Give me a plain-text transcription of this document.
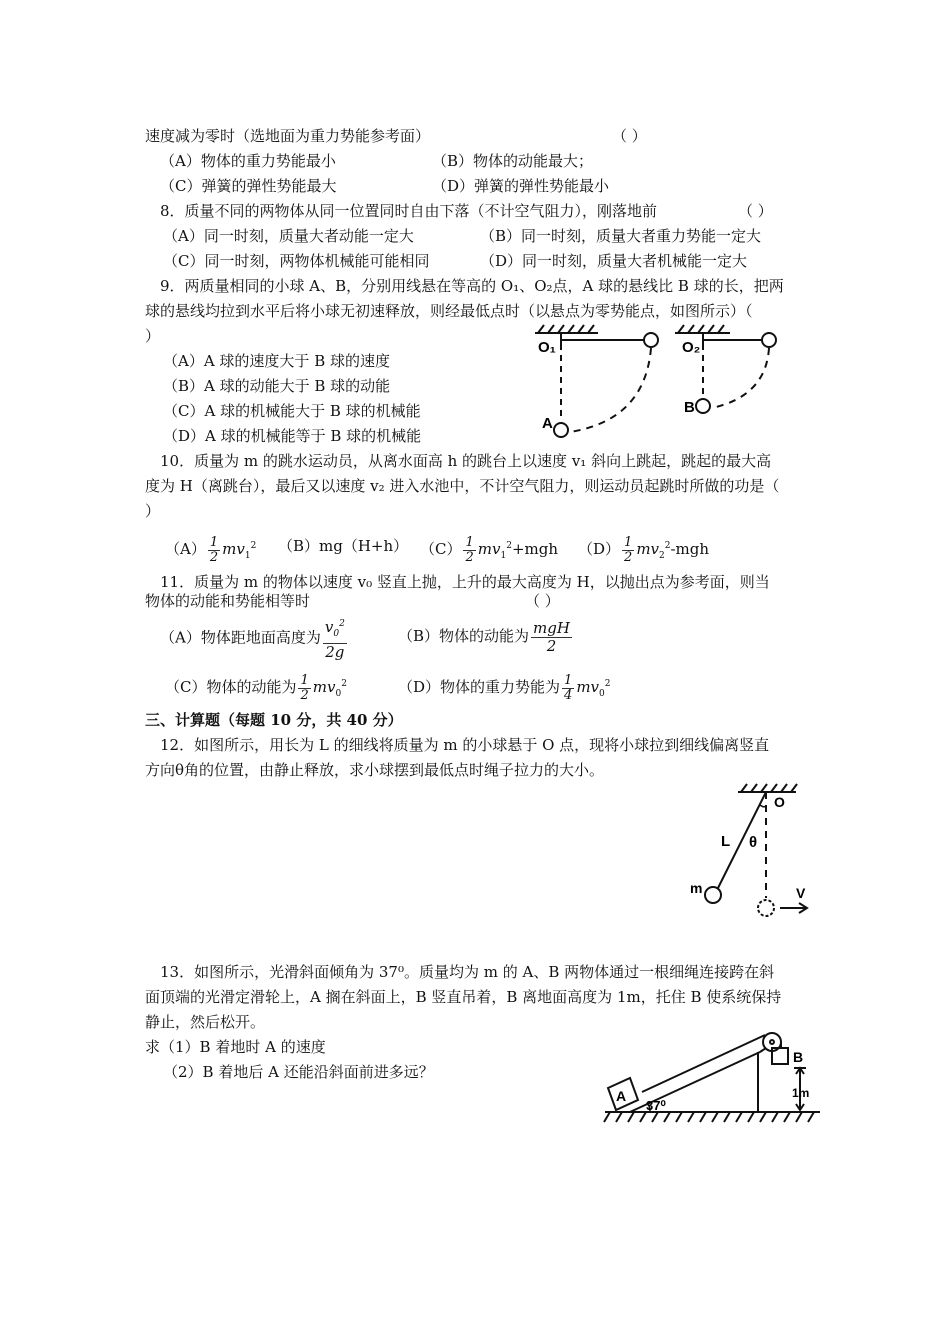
速度减为零时（选地面为重力势能参考面）	（ ）
（A）物体的重力势能最小	（B）物体的动能最大；
（C）弹簧的弹性势能最大	（D）弹簧的弹性势能最小
8．质量不同的两物体从同一位置同时自由下落（不计空气阻力），刚落地前	（ ）
（A）同一时刻，质量大者动能一定大	（B）同一时刻，质量大者重力势能一定大
（C）同一时刻，两物体机械能可能相同	（D）同一时刻，质量大者机械能一定大
9．两质量相同的小球 A、B，分别用线悬在等高的 O₁、O₂点，A 球的悬线比 B 球的长，把两
球的悬线均拉到水平后将小球无初速释放，则经最低点时（以悬点为零势能点，如图所示）（
）
（A）A 球的速度大于 B 球的速度
（B）A 球的动能大于 B 球的动能
（C）A 球的机械能大于 B 球的机械能
（D）A 球的机械能等于 B 球的机械能
O₁	O₂
A
B
10．质量为 m 的跳水运动员，从离水面高 h 的跳台上以速度 v₁ 斜向上跳起，跳起的最大高
度为 H（离跳台），最后又以速度 v₂ 进入水池中，不计空气阻力，则运动员起跳时所做的功是（
）
$(A) \frac{1}{2} mv_1^2$ （B）mg（H+h） $(C) \frac{1}{2} mv_1^2+mgh$ $(D) \frac{1}{2} mv_2^2-mgh$
11．质量为 m 的物体以速度 v₀ 竖直上抛，上升的最大高度为 H，以抛出点为参考面，则当
物体的动能和势能相等时	（ ）
（A）物体距地面高度为 $\frac{v_0^2}{2g}$	（B）物体的动能为 $\frac{\text{mgH}}{2}$
（C）物体的动能为 $\frac{1}{2} mv_0^2$	（D）物体的重力势能为 $\frac{1}{4} mv_0^2$
三、计算题（每题 10 分，共 40 分）
12．如图所示，用长为 L 的细线将质量为 m 的小球悬于 O 点，现将小球拉到细线偏离竖直
方向θ角的位置，由静止释放，求小球摆到最低点时绳子拉力的大小。
O
L θ
m	V
13．如图所示，光滑斜面倾角为 37⁰。质量均为 m 的 A、B 两物体通过一根细绳连接跨在斜
面顶端的光滑定滑轮上，A 搁在斜面上，B 竖直吊着，B 离地面高度为 1m，托住 B 使系统保持
静止，然后松开。
求（1）B 着地时 A 的速度
（2）B 着地后 A 还能沿斜面前进多远？
A
37⁰
B
1m
